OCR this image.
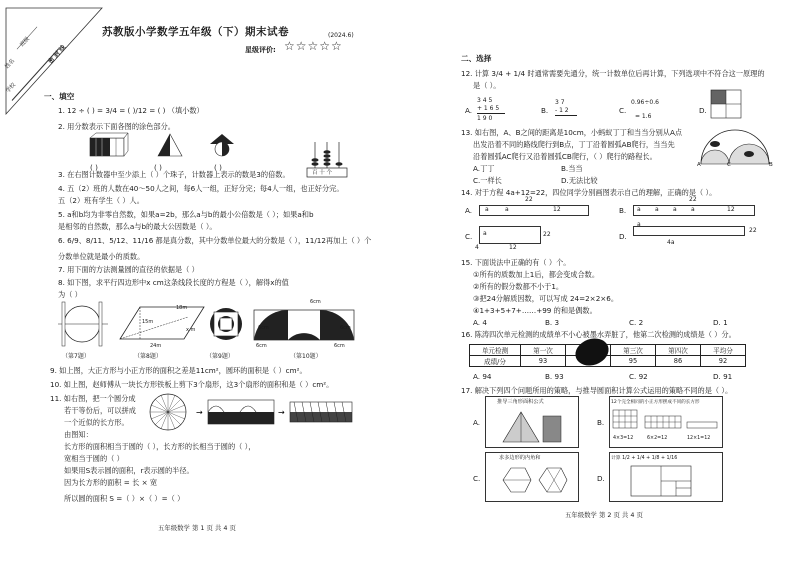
班级
姓名
学校
密 封 线
苏教版小学数学五年级（下）期末试卷	(2024.6)
星级评价: ☆☆☆☆☆
一、填空
1. 12 ÷ ( ) = 3/4 = ( )/12 = ( ) （填小数）
2. 用分数表示下面各图的涂色部分。
( )	( )	( )
百 十 个
3. 在右图计数器中至少添上（ ）个珠子，计数器上表示的数是3的倍数。
4. 五（2）班的人数在40～50人之间，每6人一组，正好分完；每4人一组，也正好分完。
五（2）班有学生（ ）人。
5. a和b均为非零自然数，如果a=2b，那么a与b的最小公倍数是（ ）；如果a和b
是相邻的自然数，那么a与b的最大公因数是（ ）。
6. 6/9、8/11、5/12、11/16 都是真分数，其中分数单位最大的分数是（ ），11/12再加上（ ）个
分数单位就是最小的质数。
7. 用下面的方法测量圆的直径的依据是（ ）
8. 如下图，求平行四边形中x cm这条线段长度的方程是（ ），解得x的值
为（ ）
15m
18m
24m
x m
6cm
6cm
6cm
6cm	6cm
（第7题）	（第8题）	（第9题）	（第10题）
9. 如上图，大正方形与小正方形的面积之差是11cm²，圆环的面积是（ ）cm²。
10. 如上图，赵师傅从一块长方形铁板上剪下3个扇形，这3个扇形的面积和是（ ）cm²。
11. 如右图，把一个圆分成
若干等份后，可以拼成
一个近似的长方形。
由图知：
长方形的面积相当于圆的（ ），长方形的长相当于圆的（ ），
宽相当于圆的（ ）
如果用S表示圆的面积，r表示圆的半径。
因为长方形的面积 = 长 × 宽
所以圆的面积 S =（ ）×（ ）=（ ）
→	→
五年级数学 第 1 页 共 4 页
二、选择
12. 计算 3/4 + 1/4 时通常需要先通分，统一计数单位后再计算，下列选项中不符合这一原理的
是（ ）。
A.	B.	C.	D.
3 4 5
+ 1 6 5
1 9 0
3 7
- 1 2
0.96÷0.6
= 1.6
13. 如右图，A、B之间的距离是10cm，小蚂蚁丁丁和当当分别从A点
出发沿着不同的路线爬行到B点，丁丁沿着圆弧AB爬行，当当先
沿着圆弧AC爬行又沿着圆弧CB爬行，（ ）爬行的路程长。
A.丁丁	B.当当
C.一样长	D.无法比较
A	C	B
14. 对于方程 4a+12=22，四位同学分别画图表示自己的理解，正确的是（ ）。
A.	B.
C.	D.
22
a	a	12
22
a a a a	12
a	22
12
4
a
22
4a
15. 下面说法中正确的有（ ）个。
①所有的质数加上1后，都会变成合数。
②所有的假分数都不小于1。
③把24分解质因数，可以写成 24=2×2×6。
④1+3+5+7+……+99 的和是偶数。
A. 4	B. 3	C. 2	D. 1
16. 陈涛四次单元检测的成绩单不小心被墨水弄脏了，他第二次检测的成绩是（ ）分。
单元检测	第一次		第三次	第四次	平均分
成绩/分	93		95	86	92
A. 94	B. 93	C. 92	D. 91
17. 解决下列四个问题所用的策略，与推导圆面积计算公式运用的策略不同的是（ ）。
A.	B.
C.	D.
推导三角形面积公式	12个完全相同的小正方形摆成不同的长方形
4×3=12	6×2=12	12×1=12
求多边形的内角和	计算 1/2 + 1/4 + 1/8 + 1/16
五年级数学 第 2 页 共 4 页
